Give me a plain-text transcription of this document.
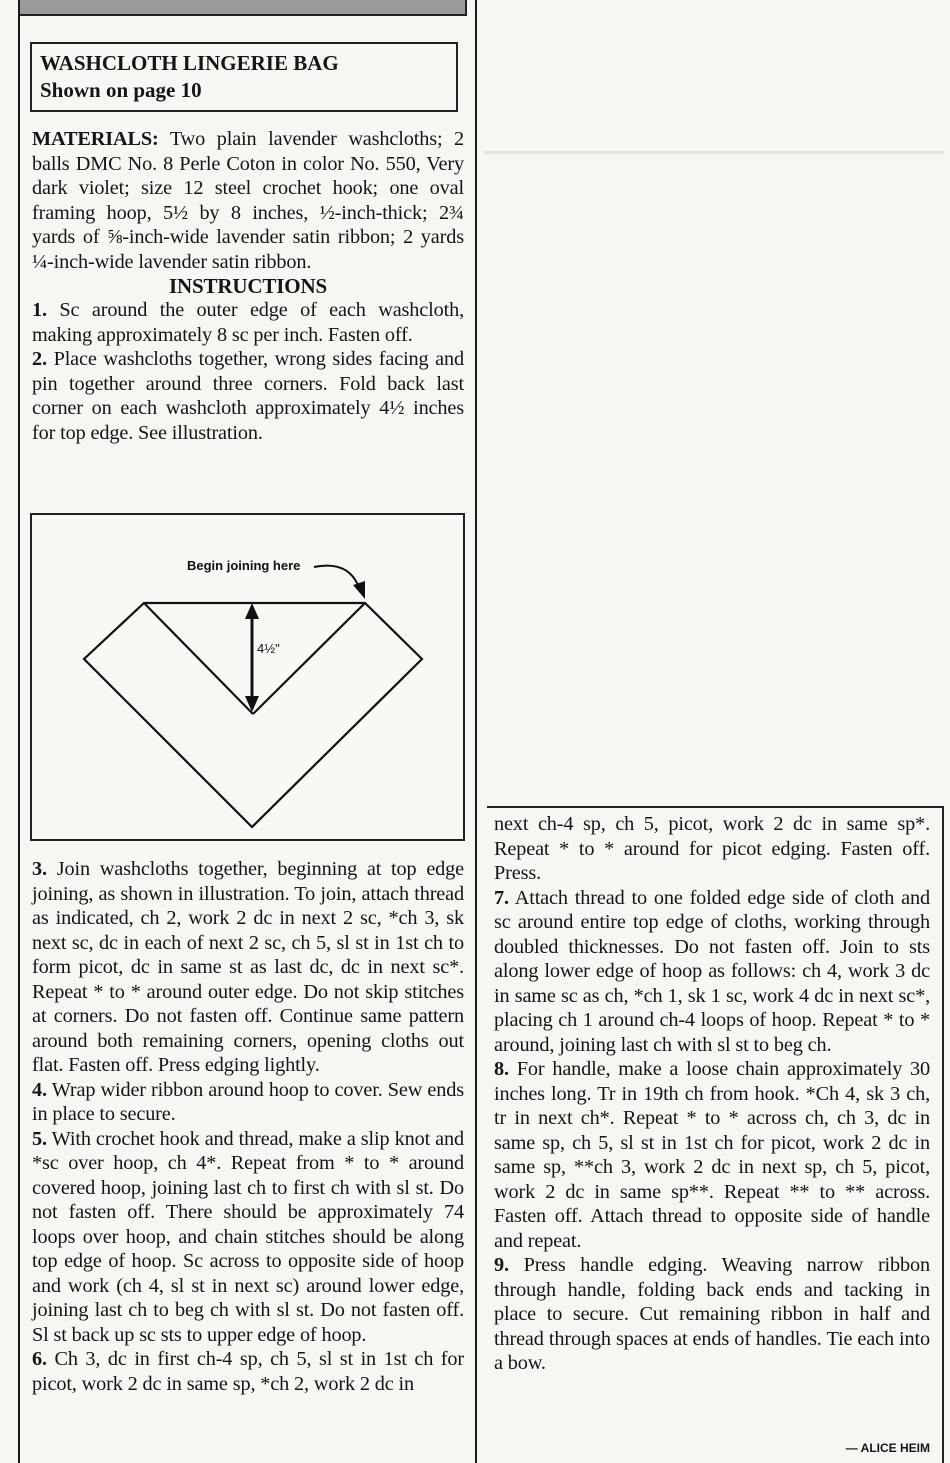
WASHCLOTH LINGERIE BAG
Shown on page 10

MATERIALS: Two plain lavender washcloths; 2 balls DMC No. 8 Perle Coton in color No. 550, Very dark violet; size 12 steel crochet hook; one oval framing hoop, 5½ by 8 inches, ½-inch-thick; 2¾ yards of ⅝-inch-wide lavender satin ribbon; 2 yards ¼-inch-wide lavender satin ribbon.

INSTRUCTIONS

1. Sc around the outer edge of each washcloth, making approximately 8 sc per inch. Fasten off.

2. Place washcloths together, wrong sides facing and pin together around three corners. Fold back last corner on each washcloth approximately 4½ inches for top edge. See illustration.

Begin joining here
4½"

3. Join washcloths together, beginning at top edge joining, as shown in illustration. To join, attach thread as indicated, ch 2, work 2 dc in next 2 sc, *ch 3, sk next sc, dc in each of next 2 sc, ch 5, sl st in 1st ch to form picot, dc in same st as last dc, dc in next sc*. Repeat * to * around outer edge. Do not skip stitches at corners. Do not fasten off. Continue same pattern around both remaining corners, opening cloths out flat. Fasten off. Press edging lightly.

4. Wrap wider ribbon around hoop to cover. Sew ends in place to secure.

5. With crochet hook and thread, make a slip knot and *sc over hoop, ch 4*. Repeat from * to * around covered hoop, joining last ch to first ch with sl st. Do not fasten off. There should be approximately 74 loops over hoop, and chain stitches should be along top edge of hoop. Sc across to opposite side of hoop and work (ch 4, sl st in next sc) around lower edge, joining last ch to beg ch with sl st. Do not fasten off. Sl st back up sc sts to upper edge of hoop.

6. Ch 3, dc in first ch-4 sp, ch 5, sl st in 1st ch for picot, work 2 dc in same sp, *ch 2, work 2 dc in

next ch-4 sp, ch 5, picot, work 2 dc in same sp*. Repeat * to * around for picot edging. Fasten off. Press.

7. Attach thread to one folded edge side of cloth and sc around entire top edge of cloths, working through doubled thicknesses. Do not fasten off. Join to sts along lower edge of hoop as follows: ch 4, work 3 dc in same sc as ch, *ch 1, sk 1 sc, work 4 dc in next sc*, placing ch 1 around ch-4 loops of hoop. Repeat * to * around, joining last ch with sl st to beg ch.

8. For handle, make a loose chain approximately 30 inches long. Tr in 19th ch from hook. *Ch 4, sk 3 ch, tr in next ch*. Repeat * to * across ch, ch 3, dc in same sp, ch 5, sl st in 1st ch for picot, work 2 dc in same sp, **ch 3, work 2 dc in next sp, ch 5, picot, work 2 dc in same sp**. Repeat ** to ** across. Fasten off. Attach thread to opposite side of handle and repeat.

9. Press handle edging. Weaving narrow ribbon through handle, folding back ends and tacking in place to secure. Cut remaining ribbon in half and thread through spaces at ends of handles. Tie each into a bow.

— ALICE HEIM
